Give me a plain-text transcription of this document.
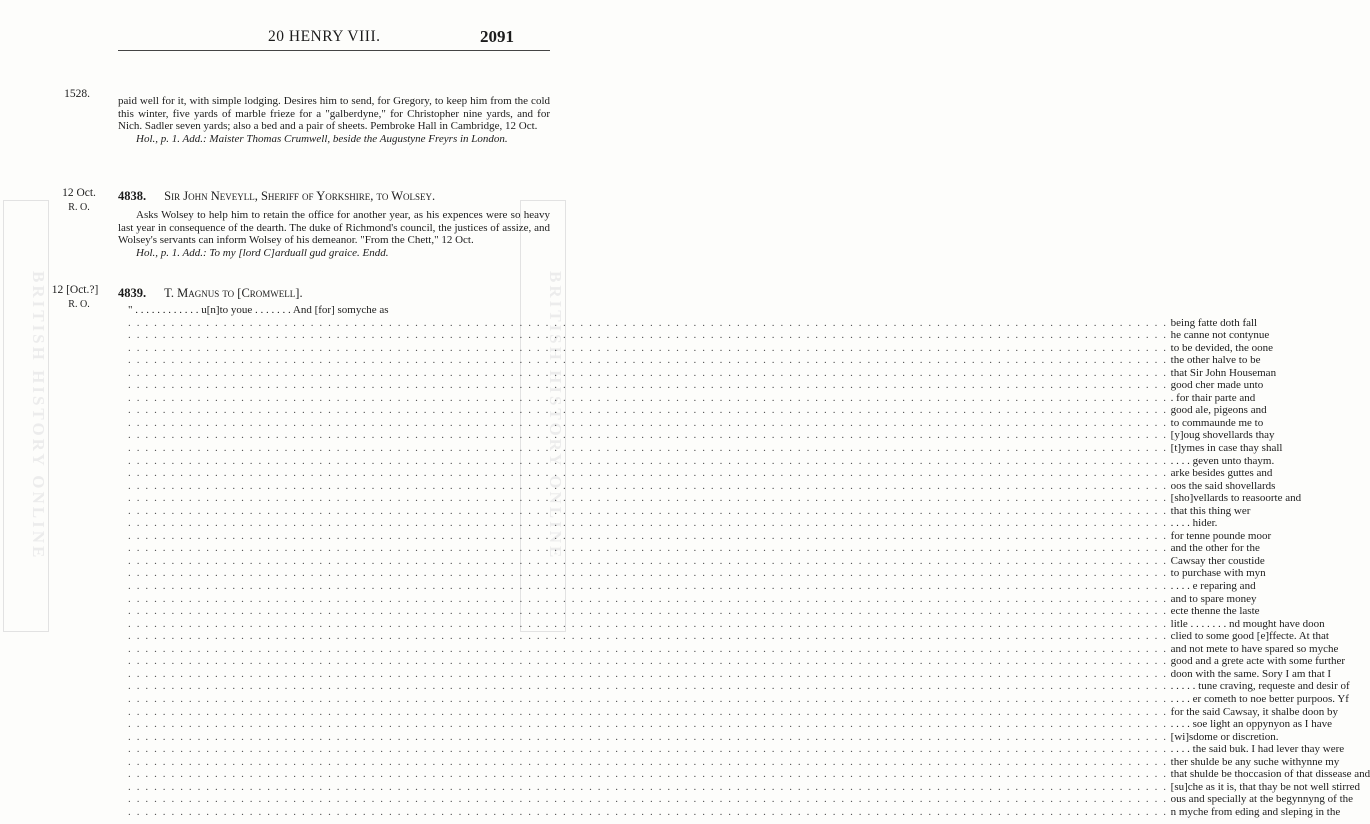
BRITISH HISTORY ONLINE	BRITISH HISTORY ONLINE
20 HENRY VIII.	2091
1528.

paid well for it, with simple lodging. Desires him to send, for Gregory, to keep him from the cold this winter, five yards of marble frieze for a "galberdyne," for Christopher nine yards, and for Nich. Sadler seven yards; also a bed and a pair of sheets. Pembroke Hall in Cambridge, 12 Oct.

Hol., p. 1. Add.: Maister Thomas Crumwell, beside the Augustyne Freyrs in London.

12 Oct.
R. O.
4838. Sir John Neveyll, Sheriff of Yorkshire, to Wolsey.

Asks Wolsey to help him to retain the office for another year, as his expences were so heavy last year in consequence of the dearth. The duke of Richmond's council, the justices of assize, and Wolsey's servants can inform Wolsey of his demeanor. "From the Chett," 12 Oct.

Hol., p. 1. Add.: To my [lord C]arduall gud graice. Endd.

12 [Oct.?]
R. O.
4839. T. Magnus to [Cromwell].
" . . . . . . . . . . . . u[n]to youe . . . . . . . And [for] somyche as
. . . . . . . . . . . . . . . . . . . . . . . . . . . . . . . . . . . . . . . . . . . . . . . . . . . . . . . . . . . . . . . . . . . . . . . . . . . . . . . . . . . . . . . . . . . . . . . . . . . . . . . . . . . . . . . . . . . . . . . . being fatte doth fall
. . . . . . . . . . . . . . . . . . . . . . . . . . . . . . . . . . . . . . . . . . . . . . . . . . . . . . . . . . . . . . . . . . . . . . . . . . . . . . . . . . . . . . . . . . . . . . . . . . . . . . . . . . . . . . . . . . . . . . . . he canne not contynue
. . . . . . . . . . . . . . . . . . . . . . . . . . . . . . . . . . . . . . . . . . . . . . . . . . . . . . . . . . . . . . . . . . . . . . . . . . . . . . . . . . . . . . . . . . . . . . . . . . . . . . . . . . . . . . . . . . . . . . . . to be devided, the oone
. . . . . . . . . . . . . . . . . . . . . . . . . . . . . . . . . . . . . . . . . . . . . . . . . . . . . . . . . . . . . . . . . . . . . . . . . . . . . . . . . . . . . . . . . . . . . . . . . . . . . . . . . . . . . . . . . . . . . . . . the other halve to be
. . . . . . . . . . . . . . . . . . . . . . . . . . . . . . . . . . . . . . . . . . . . . . . . . . . . . . . . . . . . . . . . . . . . . . . . . . . . . . . . . . . . . . . . . . . . . . . . . . . . . . . . . . . . . . . . . . . . . . . . that Sir John Houseman
. . . . . . . . . . . . . . . . . . . . . . . . . . . . . . . . . . . . . . . . . . . . . . . . . . . . . . . . . . . . . . . . . . . . . . . . . . . . . . . . . . . . . . . . . . . . . . . . . . . . . . . . . . . . . . . . . . . . . . . . good cher made unto
. . . . . . . . . . . . . . . . . . . . . . . . . . . . . . . . . . . . . . . . . . . . . . . . . . . . . . . . . . . . . . . . . . . . . . . . . . . . . . . . . . . . . . . . . . . . . . . . . . . . . . . . . . . . . . . . . . . . . . . . . for thair parte and
. . . . . . . . . . . . . . . . . . . . . . . . . . . . . . . . . . . . . . . . . . . . . . . . . . . . . . . . . . . . . . . . . . . . . . . . . . . . . . . . . . . . . . . . . . . . . . . . . . . . . . . . . . . . . . . . . . . . . . . . good ale, pigeons and
. . . . . . . . . . . . . . . . . . . . . . . . . . . . . . . . . . . . . . . . . . . . . . . . . . . . . . . . . . . . . . . . . . . . . . . . . . . . . . . . . . . . . . . . . . . . . . . . . . . . . . . . . . . . . . . . . . . . . . . . to commaunde me to
. . . . . . . . . . . . . . . . . . . . . . . . . . . . . . . . . . . . . . . . . . . . . . . . . . . . . . . . . . . . . . . . . . . . . . . . . . . . . . . . . . . . . . . . . . . . . . . . . . . . . . . . . . . . . . . . . . . . . . . . [y]oug shovellards thay
. . . . . . . . . . . . . . . . . . . . . . . . . . . . . . . . . . . . . . . . . . . . . . . . . . . . . . . . . . . . . . . . . . . . . . . . . . . . . . . . . . . . . . . . . . . . . . . . . . . . . . . . . . . . . . . . . . . . . . . . [t]ymes in case thay shall
. . . . . . . . . . . . . . . . . . . . . . . . . . . . . . . . . . . . . . . . . . . . . . . . . . . . . . . . . . . . . . . . . . . . . . . . . . . . . . . . . . . . . . . . . . . . . . . . . . . . . . . . . . . . . . . . . . . . . . . . . . . . geven unto thaym.
. . . . . . . . . . . . . . . . . . . . . . . . . . . . . . . . . . . . . . . . . . . . . . . . . . . . . . . . . . . . . . . . . . . . . . . . . . . . . . . . . . . . . . . . . . . . . . . . . . . . . . . . . . . . . . . . . . . . . . . . arke besides guttes and
. . . . . . . . . . . . . . . . . . . . . . . . . . . . . . . . . . . . . . . . . . . . . . . . . . . . . . . . . . . . . . . . . . . . . . . . . . . . . . . . . . . . . . . . . . . . . . . . . . . . . . . . . . . . . . . . . . . . . . . . oos the said shovellards
. . . . . . . . . . . . . . . . . . . . . . . . . . . . . . . . . . . . . . . . . . . . . . . . . . . . . . . . . . . . . . . . . . . . . . . . . . . . . . . . . . . . . . . . . . . . . . . . . . . . . . . . . . . . . . . . . . . . . . . . [sho]vellards to reasoorte and
. . . . . . . . . . . . . . . . . . . . . . . . . . . . . . . . . . . . . . . . . . . . . . . . . . . . . . . . . . . . . . . . . . . . . . . . . . . . . . . . . . . . . . . . . . . . . . . . . . . . . . . . . . . . . . . . . . . . . . . . that this thing wer
. . . . . . . . . . . . . . . . . . . . . . . . . . . . . . . . . . . . . . . . . . . . . . . . . . . . . . . . . . . . . . . . . . . . . . . . . . . . . . . . . . . . . . . . . . . . . . . . . . . . . . . . . . . . . . . . . . . . . . . . . . . . hider.
. . . . . . . . . . . . . . . . . . . . . . . . . . . . . . . . . . . . . . . . . . . . . . . . . . . . . . . . . . . . . . . . . . . . . . . . . . . . . . . . . . . . . . . . . . . . . . . . . . . . . . . . . . . . . . . . . . . . . . . . for tenne pounde moor
. . . . . . . . . . . . . . . . . . . . . . . . . . . . . . . . . . . . . . . . . . . . . . . . . . . . . . . . . . . . . . . . . . . . . . . . . . . . . . . . . . . . . . . . . . . . . . . . . . . . . . . . . . . . . . . . . . . . . . . . and the other for the
. . . . . . . . . . . . . . . . . . . . . . . . . . . . . . . . . . . . . . . . . . . . . . . . . . . . . . . . . . . . . . . . . . . . . . . . . . . . . . . . . . . . . . . . . . . . . . . . . . . . . . . . . . . . . . . . . . . . . . . . Cawsay ther coustide
. . . . . . . . . . . . . . . . . . . . . . . . . . . . . . . . . . . . . . . . . . . . . . . . . . . . . . . . . . . . . . . . . . . . . . . . . . . . . . . . . . . . . . . . . . . . . . . . . . . . . . . . . . . . . . . . . . . . . . . . to purchase with myn
. . . . . . . . . . . . . . . . . . . . . . . . . . . . . . . . . . . . . . . . . . . . . . . . . . . . . . . . . . . . . . . . . . . . . . . . . . . . . . . . . . . . . . . . . . . . . . . . . . . . . . . . . . . . . . . . . . . . . . . . . . . . e reparing and
. . . . . . . . . . . . . . . . . . . . . . . . . . . . . . . . . . . . . . . . . . . . . . . . . . . . . . . . . . . . . . . . . . . . . . . . . . . . . . . . . . . . . . . . . . . . . . . . . . . . . . . . . . . . . . . . . . . . . . . . and to spare money
. . . . . . . . . . . . . . . . . . . . . . . . . . . . . . . . . . . . . . . . . . . . . . . . . . . . . . . . . . . . . . . . . . . . . . . . . . . . . . . . . . . . . . . . . . . . . . . . . . . . . . . . . . . . . . . . . . . . . . . . ecte thenne the laste
. . . . . . . . . . . . . . . . . . . . . . . . . . . . . . . . . . . . . . . . . . . . . . . . . . . . . . . . . . . . . . . . . . . . . . . . . . . . . . . . . . . . . . . . . . . . . . . . . . . . . . . . . . . . . . . . . . . . . . . . litle . . . . . . . nd mought have doon
. . . . . . . . . . . . . . . . . . . . . . . . . . . . . . . . . . . . . . . . . . . . . . . . . . . . . . . . . . . . . . . . . . . . . . . . . . . . . . . . . . . . . . . . . . . . . . . . . . . . . . . . . . . . . . . . . . . . . . . . clied to some good [e]ffecte. At that
. . . . . . . . . . . . . . . . . . . . . . . . . . . . . . . . . . . . . . . . . . . . . . . . . . . . . . . . . . . . . . . . . . . . . . . . . . . . . . . . . . . . . . . . . . . . . . . . . . . . . . . . . . . . . . . . . . . . . . . . and not mete to have spared so myche
. . . . . . . . . . . . . . . . . . . . . . . . . . . . . . . . . . . . . . . . . . . . . . . . . . . . . . . . . . . . . . . . . . . . . . . . . . . . . . . . . . . . . . . . . . . . . . . . . . . . . . . . . . . . . . . . . . . . . . . . good and a grete acte with some further
. . . . . . . . . . . . . . . . . . . . . . . . . . . . . . . . . . . . . . . . . . . . . . . . . . . . . . . . . . . . . . . . . . . . . . . . . . . . . . . . . . . . . . . . . . . . . . . . . . . . . . . . . . . . . . . . . . . . . . . . doon with the same. Sory I am that I
. . . . . . . . . . . . . . . . . . . . . . . . . . . . . . . . . . . . . . . . . . . . . . . . . . . . . . . . . . . . . . . . . . . . . . . . . . . . . . . . . . . . . . . . . . . . . . . . . . . . . . . . . . . . . . . . . . . . . . . . . . . . . tune craving, requeste and desir of
. . . . . . . . . . . . . . . . . . . . . . . . . . . . . . . . . . . . . . . . . . . . . . . . . . . . . . . . . . . . . . . . . . . . . . . . . . . . . . . . . . . . . . . . . . . . . . . . . . . . . . . . . . . . . . . . . . . . . . . . . . . . er cometh to noe better purpoos. Yf
. . . . . . . . . . . . . . . . . . . . . . . . . . . . . . . . . . . . . . . . . . . . . . . . . . . . . . . . . . . . . . . . . . . . . . . . . . . . . . . . . . . . . . . . . . . . . . . . . . . . . . . . . . . . . . . . . . . . . . . . for the said Cawsay, it shalbe doon by
. . . . . . . . . . . . . . . . . . . . . . . . . . . . . . . . . . . . . . . . . . . . . . . . . . . . . . . . . . . . . . . . . . . . . . . . . . . . . . . . . . . . . . . . . . . . . . . . . . . . . . . . . . . . . . . . . . . . . . . . . . . . soe light an oppynyon as I have
. . . . . . . . . . . . . . . . . . . . . . . . . . . . . . . . . . . . . . . . . . . . . . . . . . . . . . . . . . . . . . . . . . . . . . . . . . . . . . . . . . . . . . . . . . . . . . . . . . . . . . . . . . . . . . . . . . . . . . . . [wi]sdome or discretion.
. . . . . . . . . . . . . . . . . . . . . . . . . . . . . . . . . . . . . . . . . . . . . . . . . . . . . . . . . . . . . . . . . . . . . . . . . . . . . . . . . . . . . . . . . . . . . . . . . . . . . . . . . . . . . . . . . . . . . . . . . . . . the said buk. I had lever thay were
. . . . . . . . . . . . . . . . . . . . . . . . . . . . . . . . . . . . . . . . . . . . . . . . . . . . . . . . . . . . . . . . . . . . . . . . . . . . . . . . . . . . . . . . . . . . . . . . . . . . . . . . . . . . . . . . . . . . . . . . ther shulde be any suche withynne my
. . . . . . . . . . . . . . . . . . . . . . . . . . . . . . . . . . . . . . . . . . . . . . . . . . . . . . . . . . . . . . . . . . . . . . . . . . . . . . . . . . . . . . . . . . . . . . . . . . . . . . . . . . . . . . . . . . . . . . . . that shulde be thoccasion of that dissease and
. . . . . . . . . . . . . . . . . . . . . . . . . . . . . . . . . . . . . . . . . . . . . . . . . . . . . . . . . . . . . . . . . . . . . . . . . . . . . . . . . . . . . . . . . . . . . . . . . . . . . . . . . . . . . . . . . . . . . . . . [su]che as it is, that thay be not well stirred
. . . . . . . . . . . . . . . . . . . . . . . . . . . . . . . . . . . . . . . . . . . . . . . . . . . . . . . . . . . . . . . . . . . . . . . . . . . . . . . . . . . . . . . . . . . . . . . . . . . . . . . . . . . . . . . . . . . . . . . . ous and specially at the begynnyng of the
. . . . . . . . . . . . . . . . . . . . . . . . . . . . . . . . . . . . . . . . . . . . . . . . . . . . . . . . . . . . . . . . . . . . . . . . . . . . . . . . . . . . . . . . . . . . . . . . . . . . . . . . . . . . . . . . . . . . . . . . n myche from eding and sleping in the
